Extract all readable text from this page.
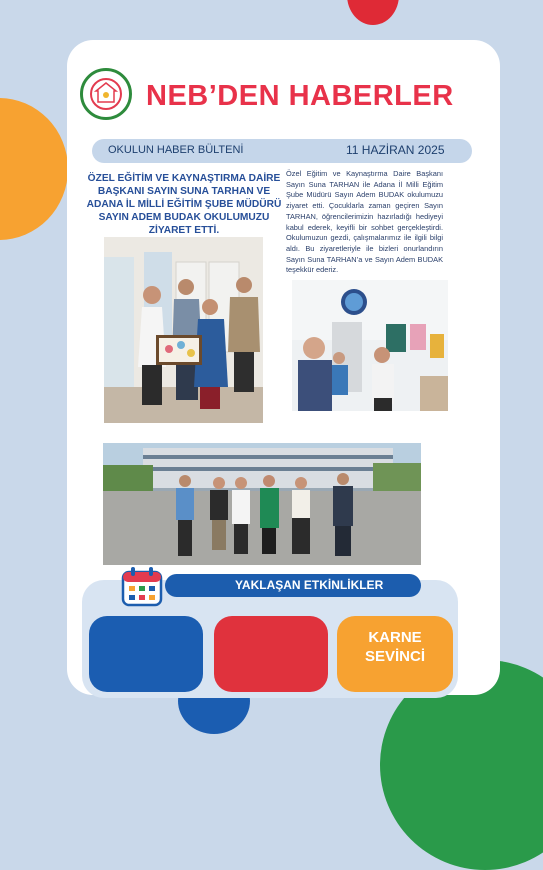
NEB’DEN HABERLER
OKULUN HABER BÜLTENİ	11 HAZİRAN 2025
ÖZEL EĞİTİM VE KAYNAŞTIRMA DAİRE BAŞKANI SAYIN SUNA TARHAN VE ADANA İL MİLLİ EĞİTİM ŞUBE MÜDÜRÜ SAYIN ADEM BUDAK OKULUMUZU ZİYARET ETTİ.
Özel Eğitim ve Kaynaştırma Daire Başkanı Sayın Suna TARHAN ile Adana İl Milli Eğitim Şube Müdürü Sayın Adem BUDAK okulumuzu ziyaret etti. Çocuklarla zaman geçiren Sayın TARHAN, öğrencilerimizin hazırladığı hediyeyi kabul ederek, keyifli bir sohbet gerçekleştirdi. Okulumuzun gezdi, çalışmalarımız ile ilgili bilgi aldı. Bu ziyaretleriyle ile bizleri onurlandırın Sayın Suna TARHAN’a ve Sayın Adem BUDAK teşekkür ederiz.
YAKLAŞAN ETKİNLİKLER
KARNE SEVİNCİ
